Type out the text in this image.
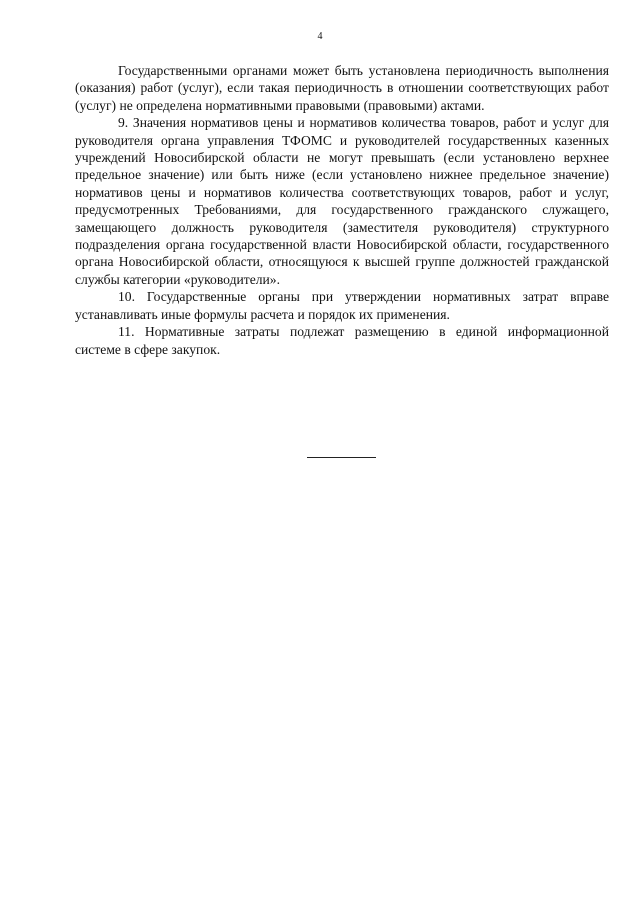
4

Государственными органами может быть установлена периодичность выполнения (оказания) работ (услуг), если такая периодичность в отношении соответствующих работ (услуг) не определена нормативными правовыми (правовыми) актами.

9. Значения нормативов цены и нормативов количества товаров, работ и услуг для руководителя органа управления ТФОМС и руководителей государственных казенных учреждений Новосибирской области не могут превышать (если установлено верхнее предельное значение) или быть ниже (если установлено нижнее предельное значение) нормативов цены и нормативов количества соответствующих товаров, работ и услуг, предусмотренных Требованиями, для государственного гражданского служащего, замещающего должность руководителя (заместителя руководителя) структурного подразделения органа государственной власти Новосибирской области, государственного органа Новосибирской области, относящуюся к высшей группе должностей гражданской службы категории «руководители».

10. Государственные органы при утверждении нормативных затрат вправе устанавливать иные формулы расчета и порядок их применения.

11. Нормативные затраты подлежат размещению в единой информационной системе в сфере закупок.
